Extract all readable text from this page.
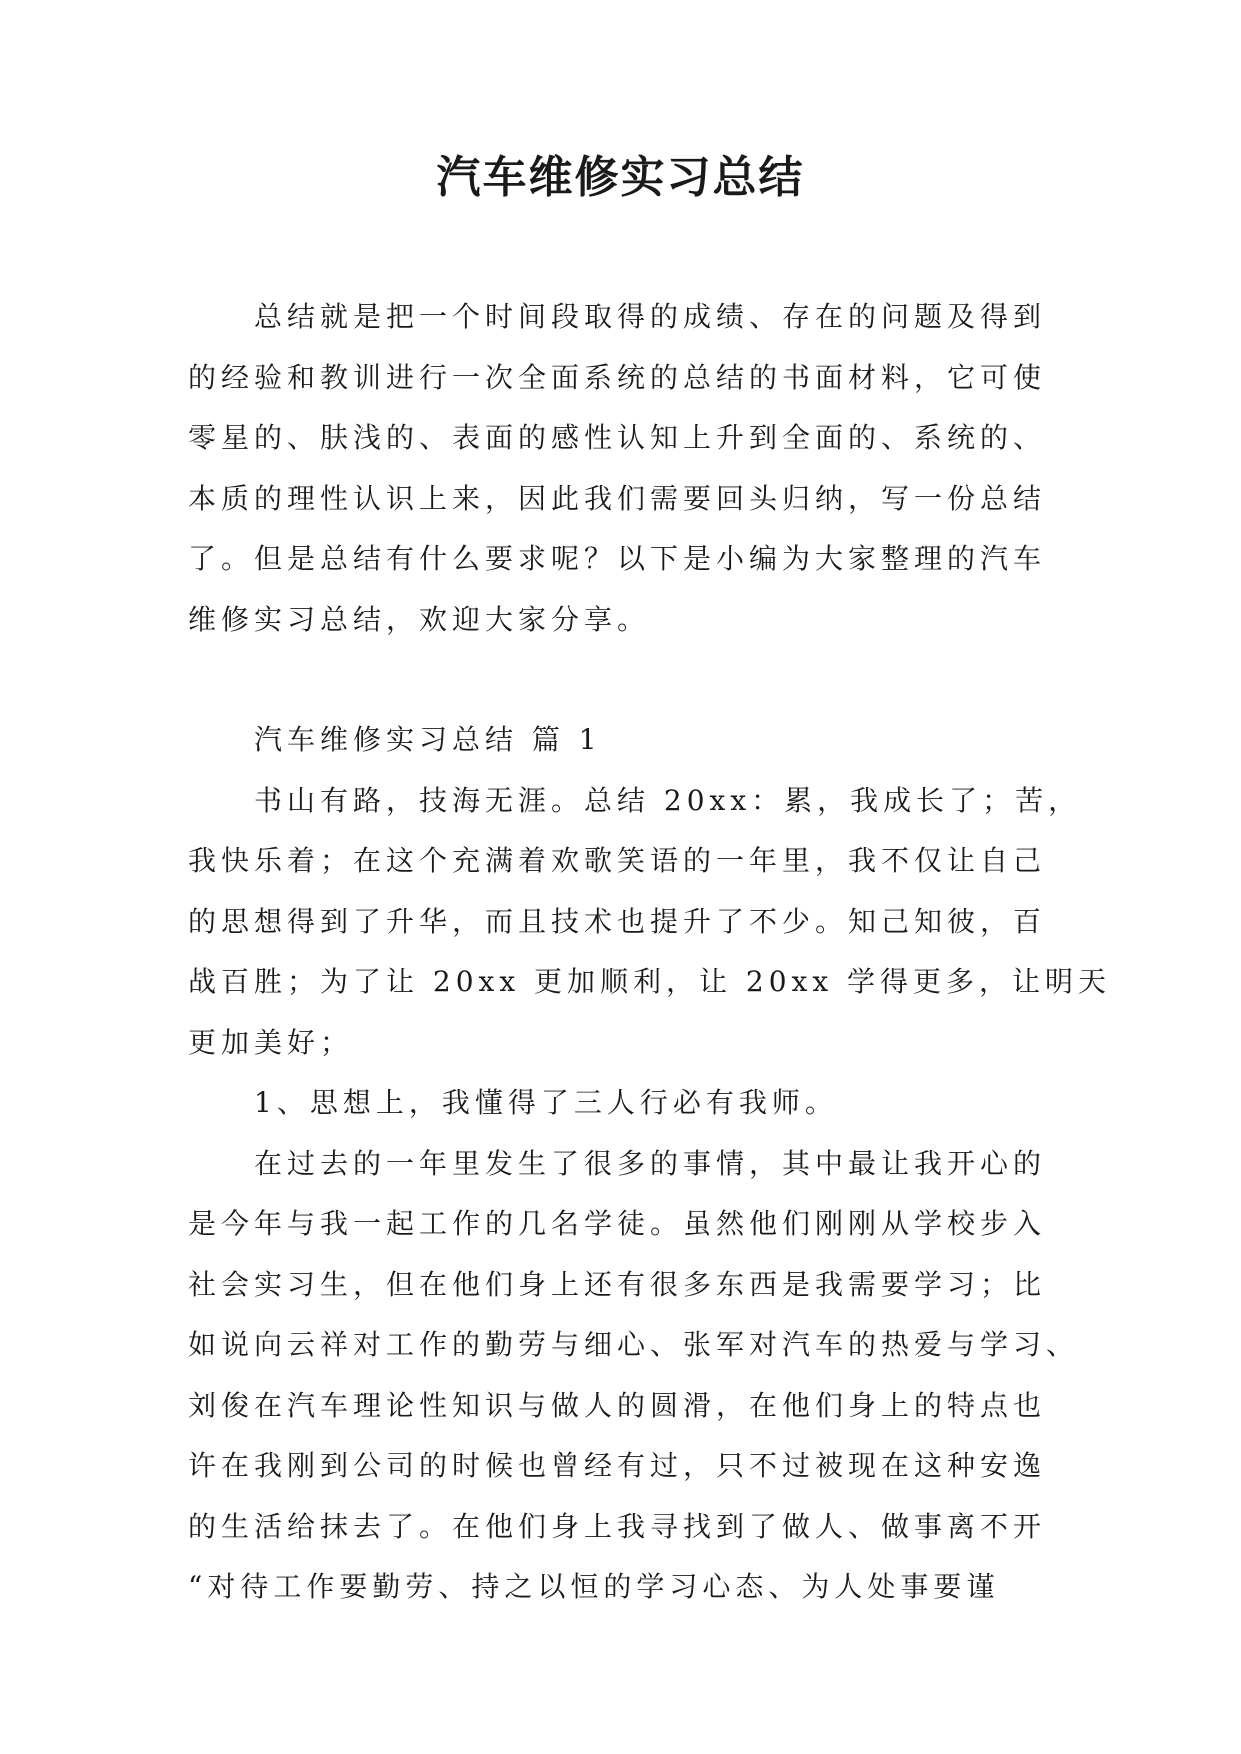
汽车维修实习总结

总结就是把一个时间段取得的成绩、存在的问题及得到

的经验和教训进行一次全面系统的总结的书面材料，它可使

零星的、肤浅的、表面的感性认知上升到全面的、系统的、

本质的理性认识上来，因此我们需要回头归纳，写一份总结

了。但是总结有什么要求呢？以下是小编为大家整理的汽车

维修实习总结，欢迎大家分享。

汽车维修实习总结 篇 1

书山有路，技海无涯。总结 20xx：累，我成长了；苦，

我快乐着；在这个充满着欢歌笑语的一年里，我不仅让自己

的思想得到了升华，而且技术也提升了不少。知己知彼，百

战百胜；为了让 20xx 更加顺利，让 20xx 学得更多，让明天

更加美好；

1、思想上，我懂得了三人行必有我师。

在过去的一年里发生了很多的事情，其中最让我开心的

是今年与我一起工作的几名学徒。虽然他们刚刚从学校步入

社会实习生，但在他们身上还有很多东西是我需要学习；比

如说向云祥对工作的勤劳与细心、张军对汽车的热爱与学习、

刘俊在汽车理论性知识与做人的圆滑，在他们身上的特点也

许在我刚到公司的时候也曾经有过，只不过被现在这种安逸

的生活给抹去了。在他们身上我寻找到了做人、做事离不开

“对待工作要勤劳、持之以恒的学习心态、为人处事要谨
